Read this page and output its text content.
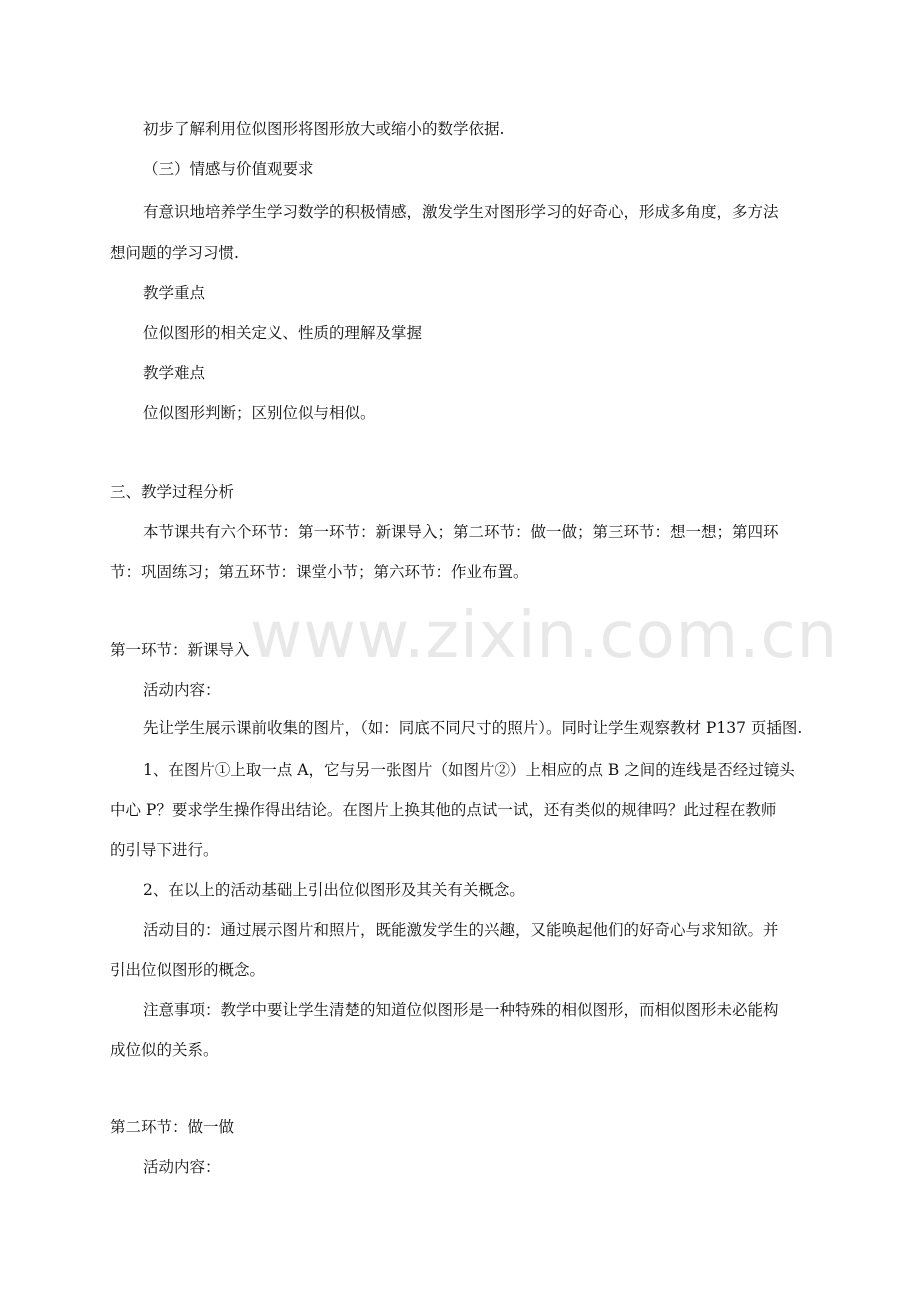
www.zixin.com.cn
初步了解利用位似图形将图形放大或缩小的数学依据.
（三）情感与价值观要求
有意识地培养学生学习数学的积极情感，激发学生对图形学习的好奇心，形成多角度，多方法
想问题的学习习惯.
教学重点
位似图形的相关定义、性质的理解及掌握
教学难点
位似图形判断；区别位似与相似。
三、教学过程分析
本节课共有六个环节：第一环节：新课导入；第二环节：做一做；第三环节：想一想；第四环
节：巩固练习；第五环节：课堂小节；第六环节：作业布置。
第一环节：新课导入
活动内容：
先让学生展示课前收集的图片，（如：同底不同尺寸的照片）。同时让学生观察教材 P137 页插图.
1、在图片①上取一点 A，它与另一张图片（如图片②）上相应的点 B 之间的连线是否经过镜头
中心 P？要求学生操作得出结论。在图片上换其他的点试一试，还有类似的规律吗？此过程在教师
的引导下进行。
2、在以上的活动基础上引出位似图形及其关有关概念。
活动目的：通过展示图片和照片，既能激发学生的兴趣，又能唤起他们的好奇心与求知欲。并
引出位似图形的概念。
注意事项：教学中要让学生清楚的知道位似图形是一种特殊的相似图形，而相似图形未必能构
成位似的关系。
第二环节：做一做
活动内容：
